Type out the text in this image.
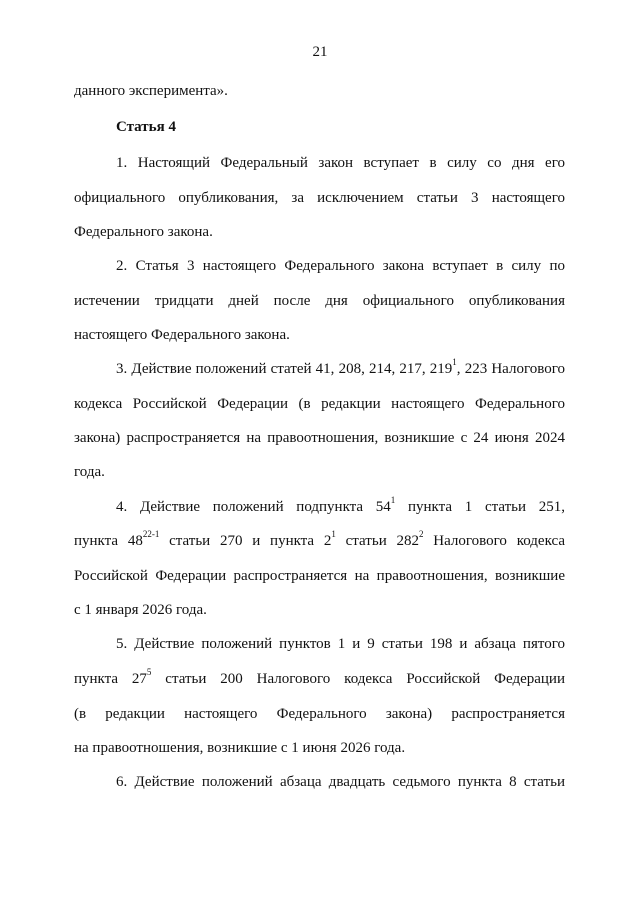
21
данного эксперимента».
Статья 4
1. Настоящий Федеральный закон вступает в силу со дня его
официального опубликования, за исключением статьи 3 настоящего
Федерального закона.
2. Статья 3 настоящего Федерального закона вступает в силу по
истечении тридцати дней после дня официального опубликования
настоящего Федерального закона.
3. Действие положений статей 41, 208, 214, 217, $219^1$, 223 Налогового
кодекса Российской Федерации (в редакции настоящего Федерального
закона) распространяется на правоотношения, возникшие с 24 июня 2024
года.
4. Действие положений подпункта $54^1$ пункта 1 статьи 251,
пункта 48$^{22-1}$ статьи 270 и пункта $2^1$ статьи $282^2$ Налогового кодекса
Российской Федерации распространяется на правоотношения, возникшие
с 1 января 2026 года.
5. Действие положений пунктов 1 и 9 статьи 198 и абзаца пятого
пункта $27^5$ статьи 200 Налогового кодекса Российской Федерации
(в редакции настоящего Федерального закона) распространяется
на правоотношения, возникшие с 1 июня 2026 года.
6. Действие положений абзаца двадцать седьмого пункта 8 статьи
